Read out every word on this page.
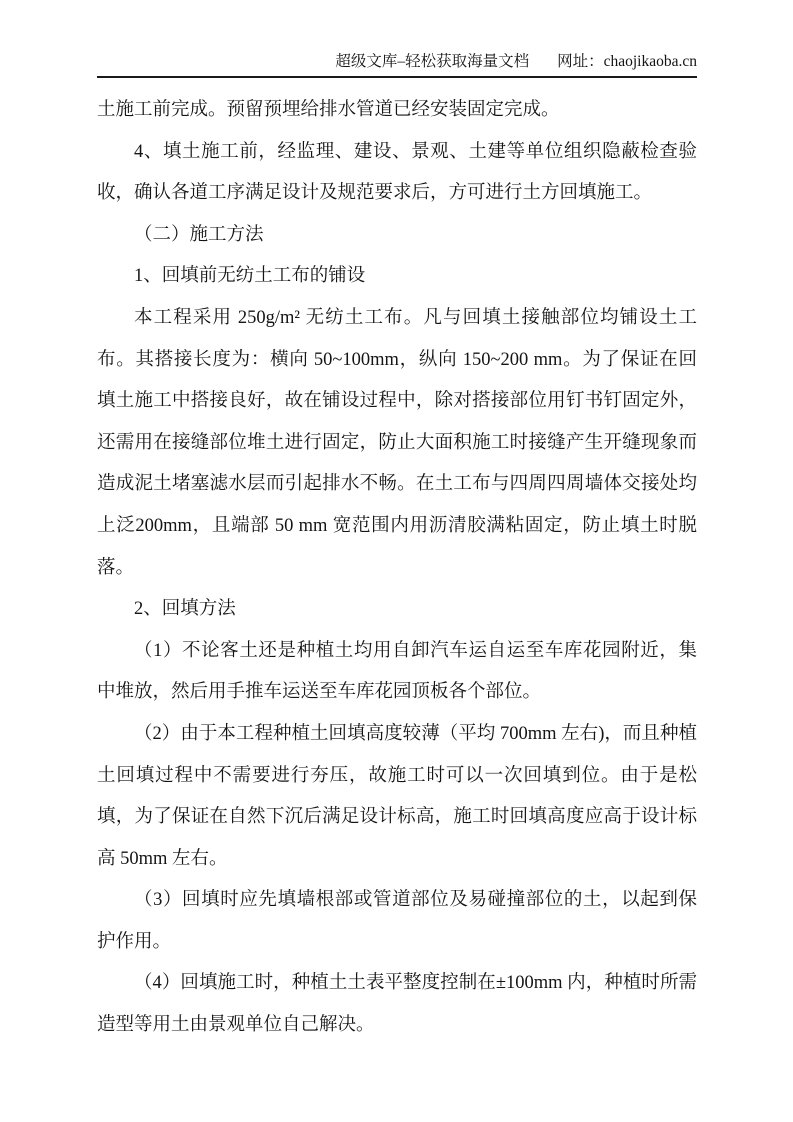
超级文库–轻松获取海量文档 网址：chaojikaoba.cn

土施工前完成。预留预埋给排水管道已经安装固定完成。

4、填土施工前，经监理、建设、景观、土建等单位组织隐蔽检查验收，确认各道工序满足设计及规范要求后，方可进行土方回填施工。

（二）施工方法

1、回填前无纺土工布的铺设

本工程采用 250g/m² 无纺土工布。凡与回填土接触部位均铺设土工布。其搭接长度为：横向 50~100mm，纵向 150~200 mm。为了保证在回填土施工中搭接良好，故在铺设过程中，除对搭接部位用钉书钉固定外，还需用在接缝部位堆土进行固定，防止大面积施工时接缝产生开缝现象而造成泥土堵塞滤水层而引起排水不畅。在土工布与四周四周墙体交接处均上泛200mm，且端部 50 mm 宽范围内用沥清胶满粘固定，防止填土时脱落。

2、回填方法

（1）不论客土还是种植土均用自卸汽车运自运至车库花园附近，集中堆放，然后用手推车运送至车库花园顶板各个部位。

（2）由于本工程种植土回填高度较薄（平均 700mm 左右)，而且种植土回填过程中不需要进行夯压，故施工时可以一次回填到位。由于是松填，为了保证在自然下沉后满足设计标高，施工时回填高度应高于设计标高 50mm 左右。

（3）回填时应先填墙根部或管道部位及易碰撞部位的土，以起到保护作用。

（4）回填施工时，种植土土表平整度控制在±100mm 内，种植时所需造型等用土由景观单位自己解决。
